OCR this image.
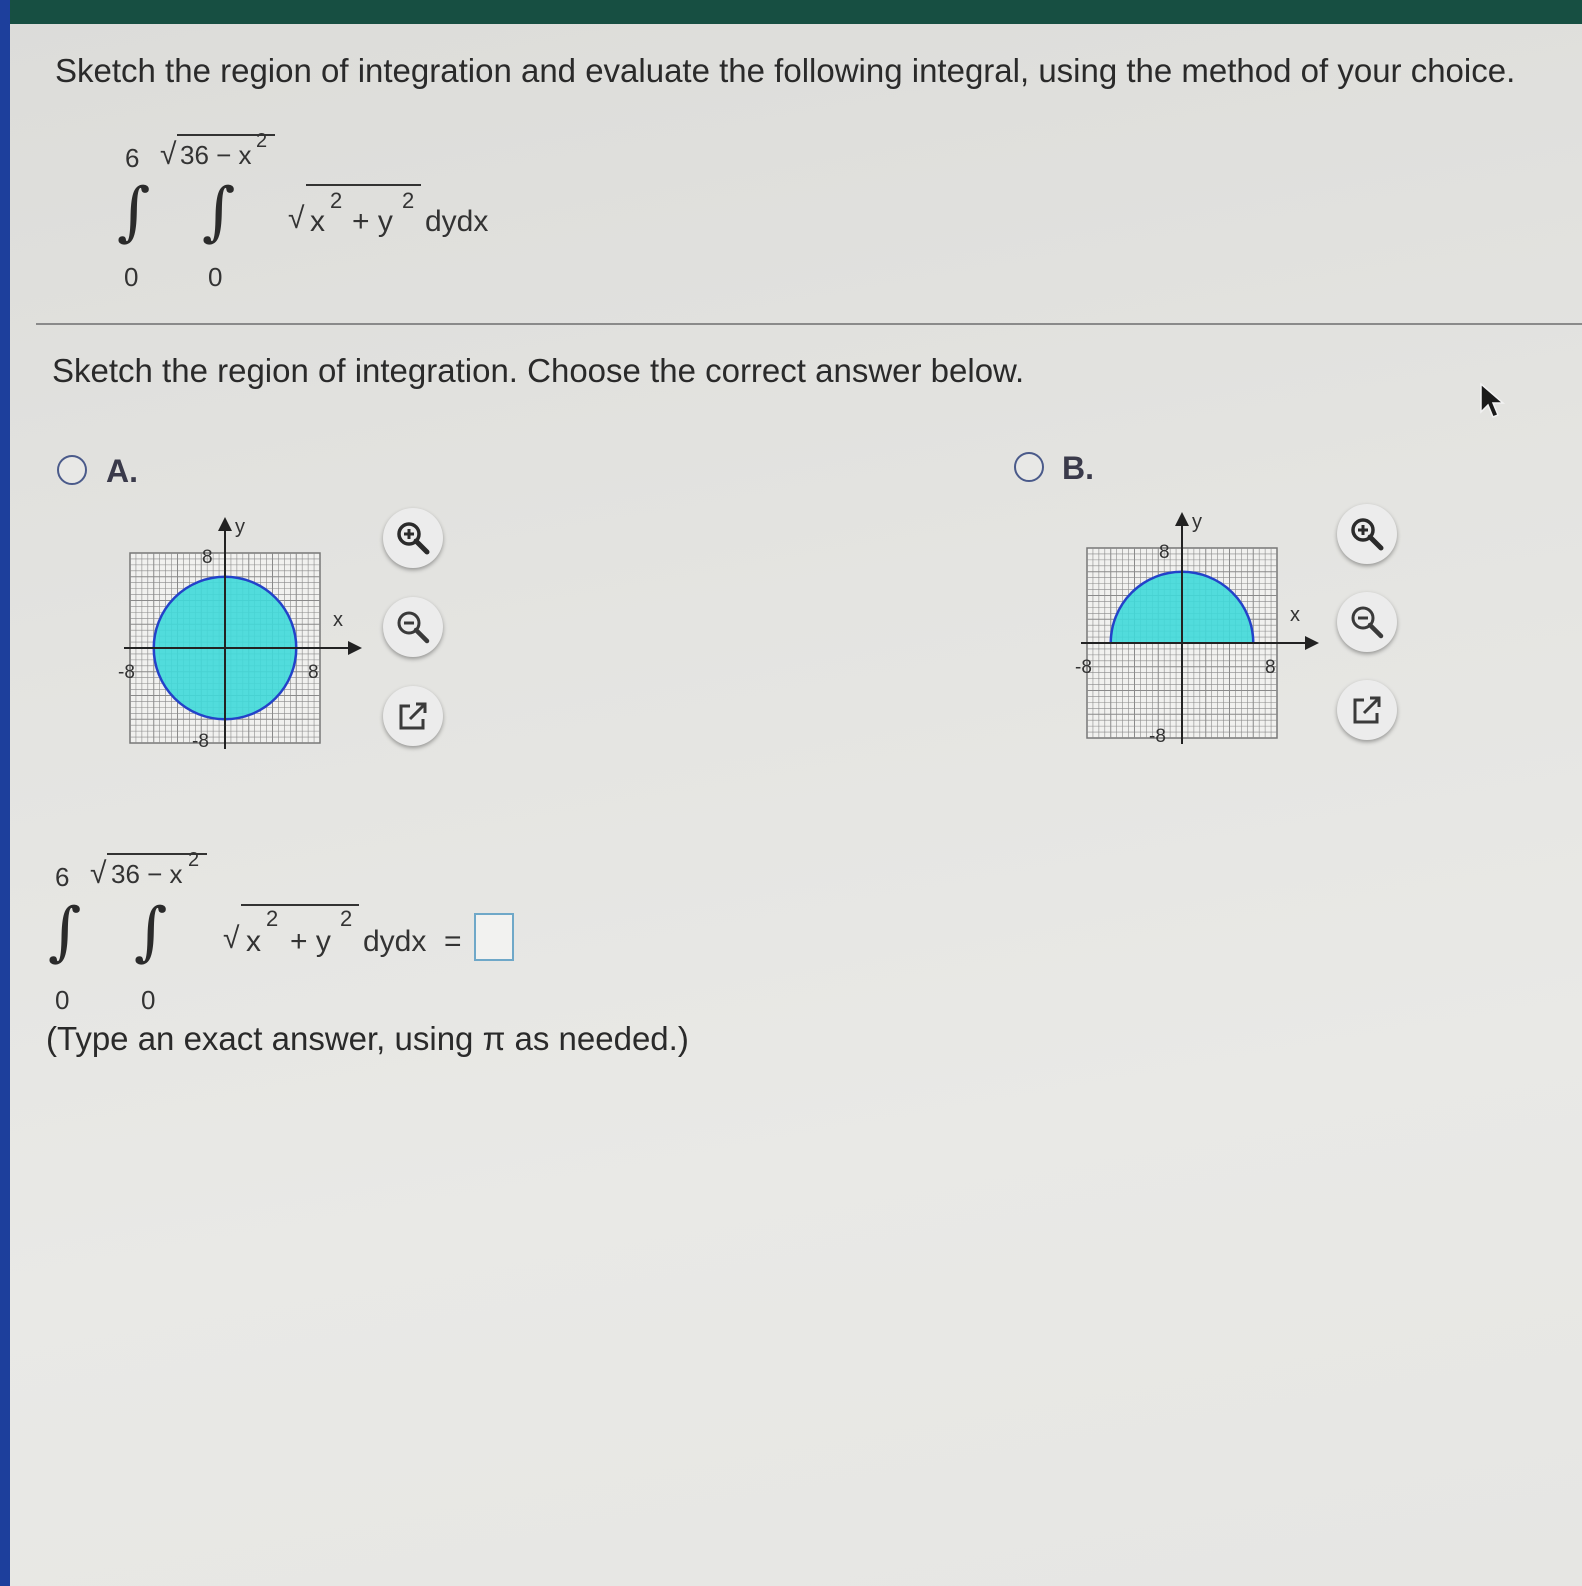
Sketch the region of integration and evaluate the following integral, using the method of your choice.
6 √ 36 − x 2
∫ ∫
0	0
√ x
2
+ y
2
dydx
Sketch the region of integration. Choose the correct answer below.
A.
y
x
8
-8	8
-8
B.
y
x
8
-8	8
-8
6 √ 36 − x 2
∫ ∫
0	0
√ x
2
+ y
2
dydx =
(Type an exact answer, using π as needed.)
